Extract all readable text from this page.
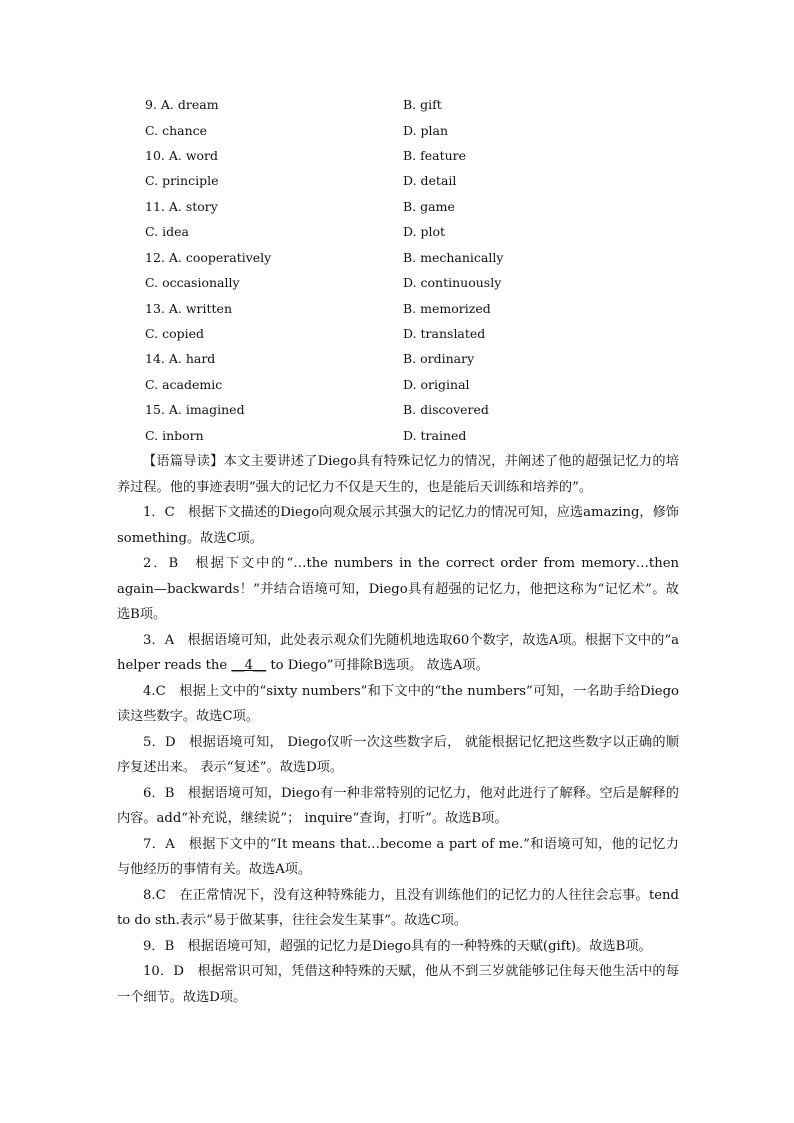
9. A. dream	B. gift
C. chance	D. plan
10. A. word	B. feature
C. principle	D. detail
11. A. story	B. game
C. idea	D. plot
12. A. cooperatively	B. mechanically
C. occasionally	D. continuously
13. A. written	B. memorized
C. copied	D. translated
14. A. hard	B. ordinary
C. academic	D. original
15. A. imagined	B. discovered
C. inborn	D. trained

【语篇导读】本文主要讲述了Diego具有特殊记忆力的情况，并阐述了他的超强记忆力的培养过程。他的事迹表明“强大的记忆力不仅是天生的，也是能后天训练和培养的”。

1．C　根据下文描述的Diego向观众展示其强大的记忆力的情况可知，应选amazing，修饰something。故选C项。

2．B　根据下文中的“…the numbers in the correct order from memory…then again—backwards！”并结合语境可知，Diego具有超强的记忆力，他把这称为“记忆术”。故选B项。

3．A　根据语境可知，此处表示观众们先随机地选取60个数字，故选A项。根据下文中的“a helper reads the __4__ to Diego”可排除B选项。 故选A项。

4.C　根据上文中的“sixty numbers”和下文中的“the numbers”可知，一名助手给Diego读这些数字。故选C项。

5．D　根据语境可知， Diego仅听一次这些数字后， 就能根据记忆把这些数字以正确的顺序复述出来。 表示“复述”。故选D项。

6．B　根据语境可知，Diego有一种非常特别的记忆力，他对此进行了解释。空后是解释的内容。add“补充说，继续说”； inquire“查询，打听”。故选B项。

7．A　根据下文中的“It means that…become a part of me.”和语境可知，他的记忆力与他经历的事情有关。故选A项。

8.C　在正常情况下，没有这种特殊能力，且没有训练他们的记忆力的人往往会忘事。tend to do sth.表示“易于做某事，往往会发生某事”。故选C项。

9．B　根据语境可知，超强的记忆力是Diego具有的一种特殊的天赋(gift)。故选B项。

10．D　根据常识可知，凭借这种特殊的天赋，他从不到三岁就能够记住每天他生活中的每一个细节。故选D项。
